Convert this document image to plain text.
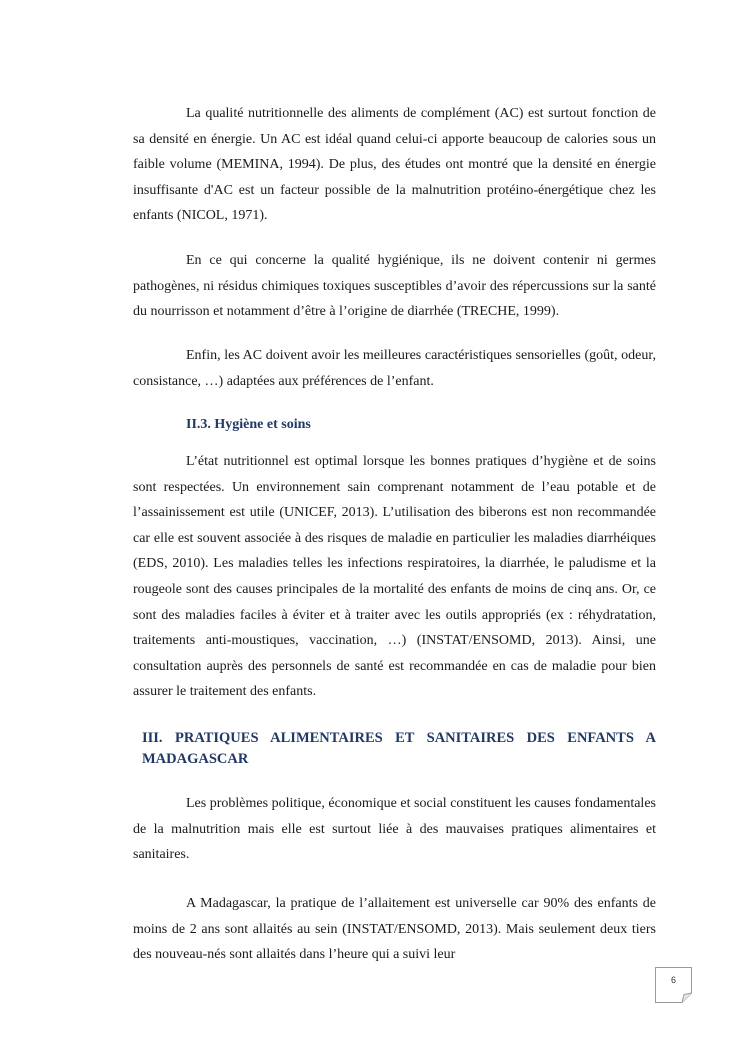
La qualité nutritionnelle des aliments de complément (AC) est surtout fonction de sa densité en énergie. Un AC est idéal quand celui-ci apporte beaucoup de calories sous un faible volume (MEMINA, 1994). De plus, des études ont montré que la densité en énergie insuffisante d'AC est un facteur possible de la malnutrition protéino-énergétique chez les enfants (NICOL, 1971).

En ce qui concerne la qualité hygiénique, ils ne doivent contenir ni germes pathogènes, ni résidus chimiques toxiques susceptibles d’avoir des répercussions sur la santé du nourrisson et notamment d’être à l’origine de diarrhée (TRECHE, 1999).

Enfin, les AC doivent avoir les meilleures caractéristiques sensorielles (goût, odeur, consistance, …) adaptées aux préférences de l’enfant.

II.3. Hygiène et soins

L’état nutritionnel est optimal lorsque les bonnes pratiques d’hygiène et de soins sont respectées. Un environnement sain comprenant notamment de l’eau potable et de l’assainissement est utile (UNICEF, 2013). L’utilisation des biberons est non recommandée car elle est souvent associée à des risques de maladie en particulier les maladies diarrhéiques (EDS, 2010). Les maladies telles les infections respiratoires, la diarrhée, le paludisme et la rougeole sont des causes principales de la mortalité des enfants de moins de cinq ans. Or, ce sont des maladies faciles à éviter et à traiter avec les outils appropriés (ex : réhydratation, traitements anti-moustiques, vaccination, …) (INSTAT/ENSOMD, 2013). Ainsi, une consultation auprès des personnels de santé est recommandée en cas de maladie pour bien assurer le traitement des enfants.

III. PRATIQUES ALIMENTAIRES ET SANITAIRES DES ENFANTS A MADAGASCAR

Les problèmes politique, économique et social constituent les causes fondamentales de la malnutrition mais elle est surtout liée à des mauvaises pratiques alimentaires et sanitaires.

A Madagascar, la pratique de l’allaitement est universelle car 90% des enfants de moins de 2 ans sont allaités au sein (INSTAT/ENSOMD, 2013). Mais seulement deux tiers des nouveau-nés sont allaités dans l’heure qui a suivi leur

6
